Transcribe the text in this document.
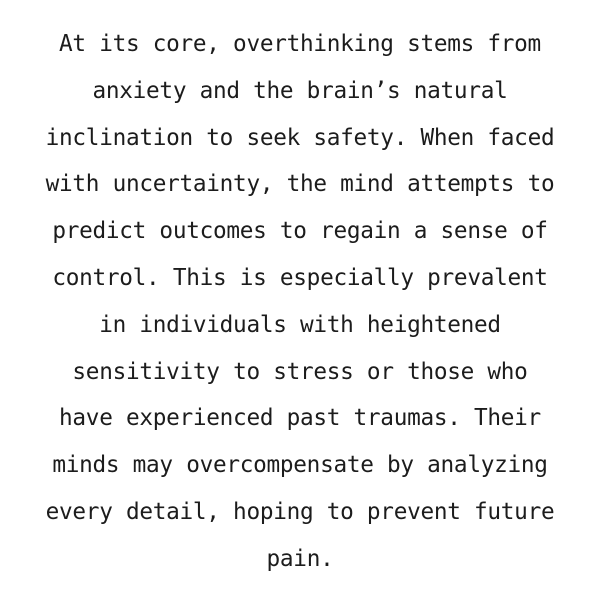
At its core, overthinking stems from anxiety and the brain’s natural inclination to seek safety. When faced with uncertainty, the mind attempts to predict outcomes to regain a sense of control. This is especially prevalent in individuals with heightened sensitivity to stress or those who have experienced past traumas. Their minds may overcompensate by analyzing every detail, hoping to prevent future pain.
